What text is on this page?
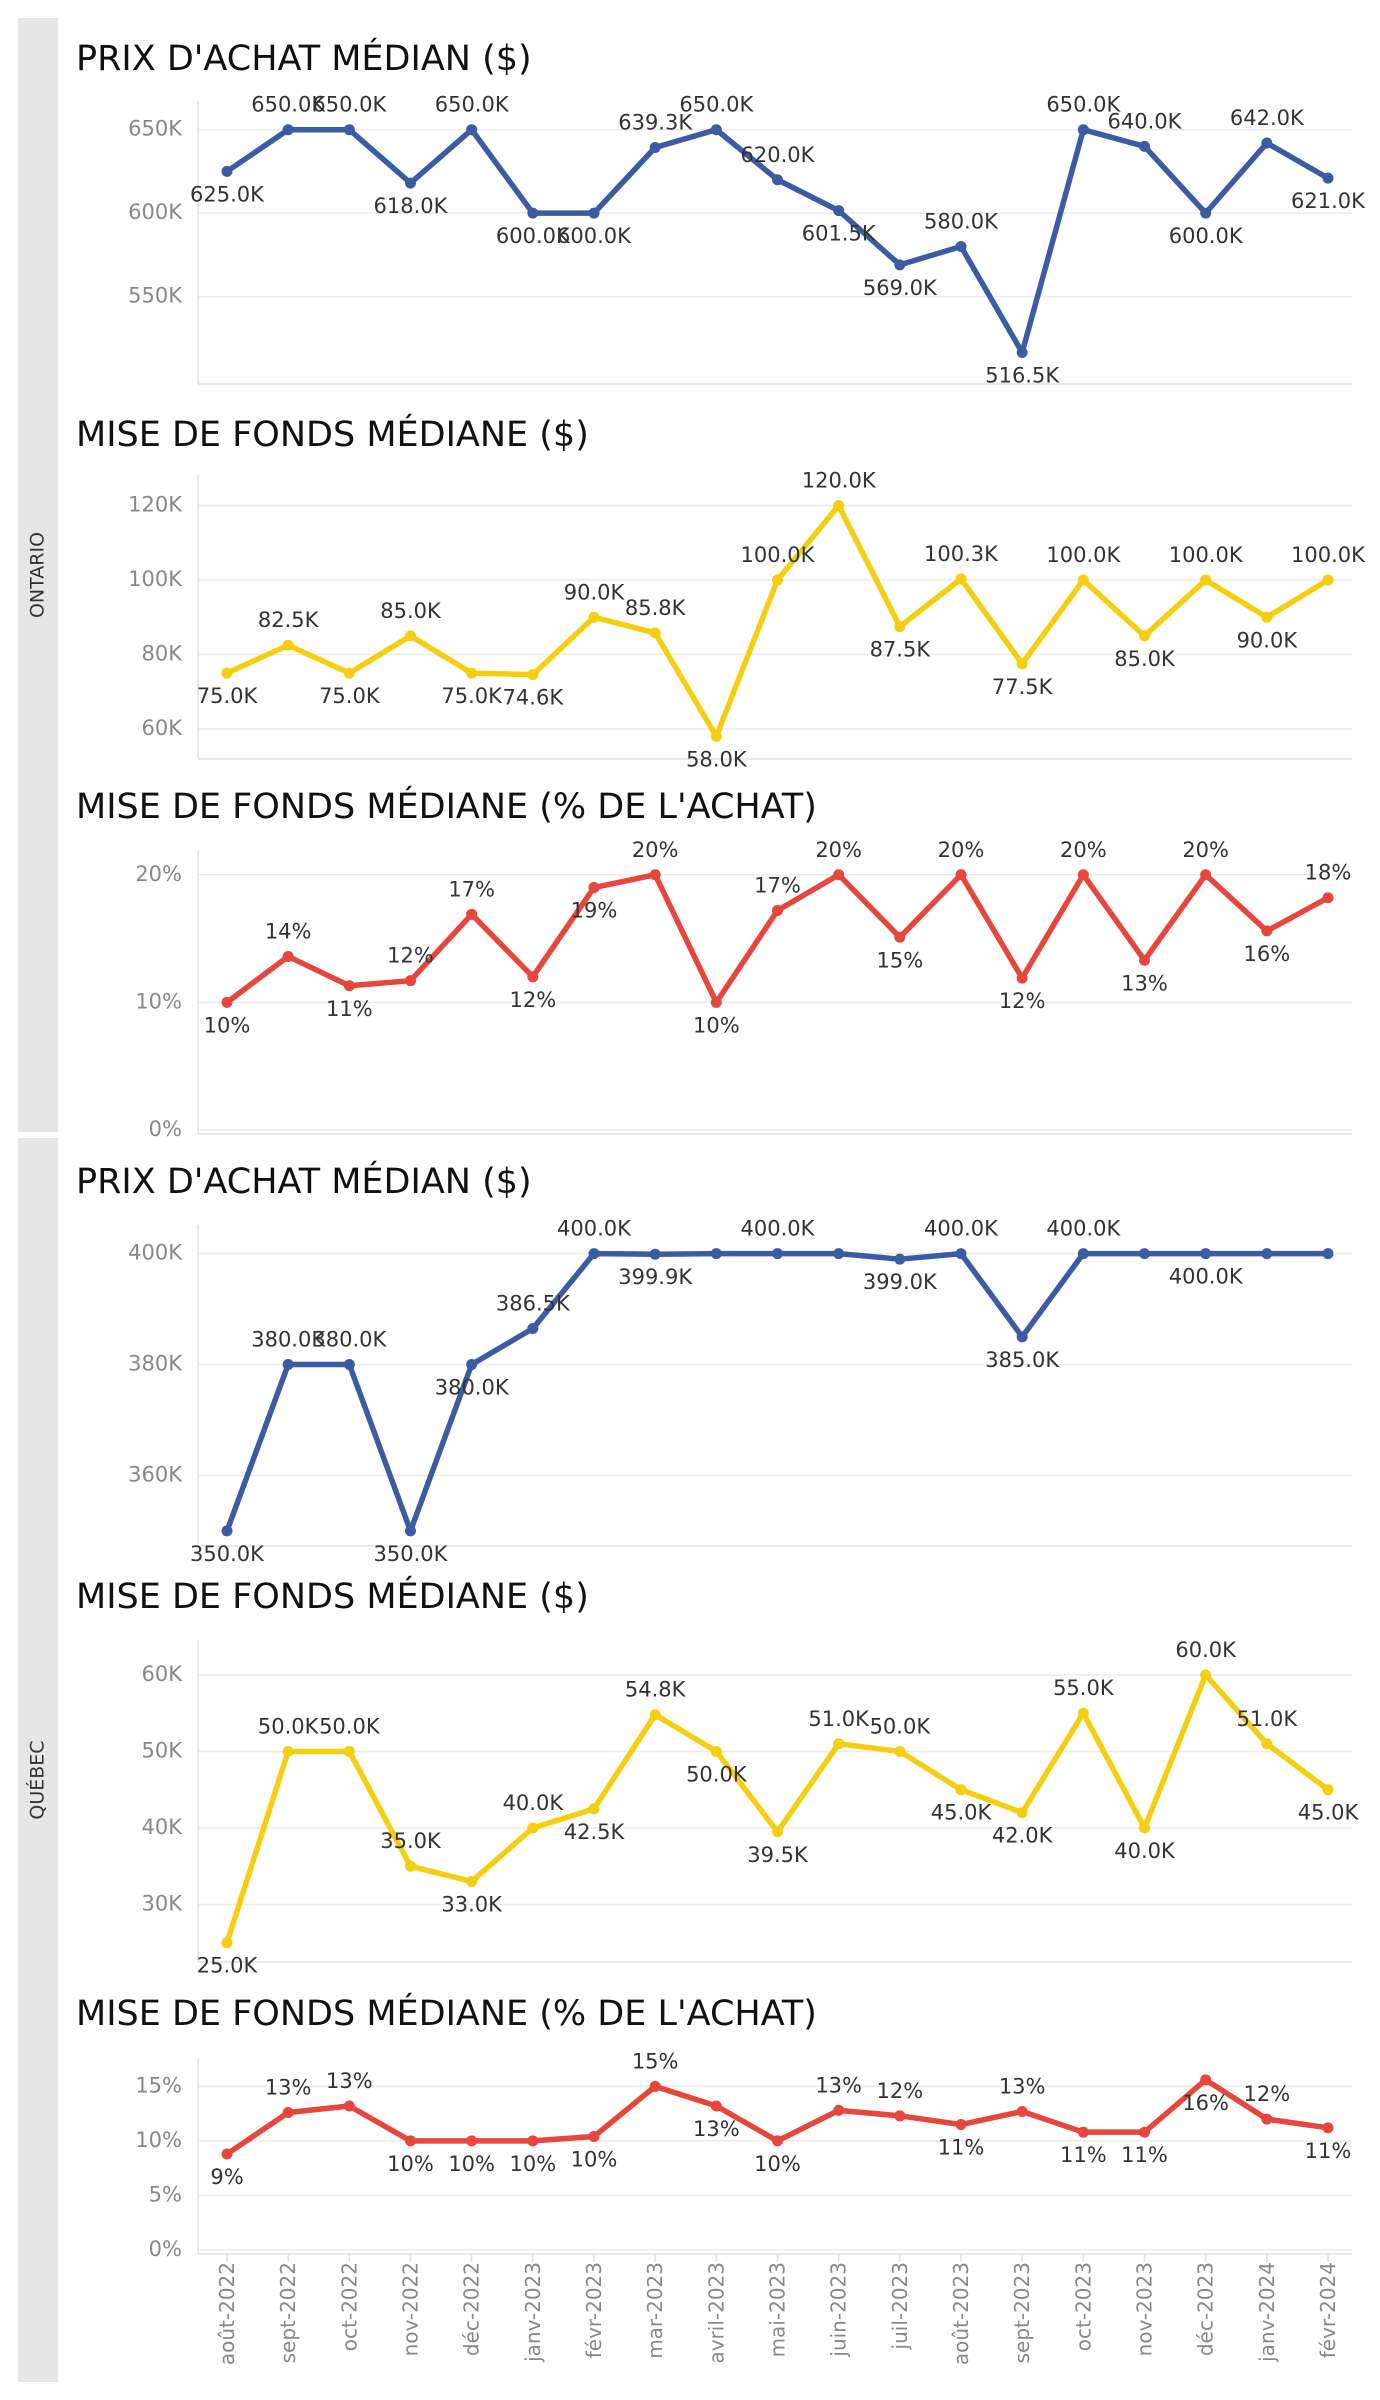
ONTARIO
QUÉBEC
PRIX D'ACHAT MÉDIAN ($)
550K
600K
650K
625.0K
650.0K
650.0K
618.0K
650.0K
600.0K
600.0K
639.3K
650.0K
620.0K
601.5K
569.0K
580.0K
516.5K
650.0K
640.0K
600.0K
642.0K
621.0K
MISE DE FONDS MÉDIANE ($)
60K
80K
100K
120K
75.0K
82.5K
75.0K
85.0K
75.0K 74.6K
90.0K
85.8K
58.0K
100.0K
120.0K
87.5K
100.3K
77.5K
100.0K
85.0K
100.0K
90.0K
100.0K
MISE DE FONDS MÉDIANE (% DE L'ACHAT)
0%
10%
20%
10%
14%
11%
12%
17%
12%
19%
20%
10%
17%
20%
15%
20%
12%
20%
13%
20%
16%
18%
PRIX D'ACHAT MÉDIAN ($)
360K
380K
400K
350.0K
380.0K
380.0K
350.0K
380.0K
386.5K
400.0K
399.9K
400.0K
399.0K
400.0K
385.0K
400.0K
400.0K
MISE DE FONDS MÉDIANE ($)
30K
40K
50K
60K
25.0K
50.0K 50.0K
35.0K
33.0K
40.0K
42.5K
54.8K
50.0K
39.5K
51.0K 50.0K
45.0K
42.0K
55.0K
40.0K
60.0K
51.0K
45.0K
MISE DE FONDS MÉDIANE (% DE L'ACHAT)
0%
5%
10%
15%
9%
13% 13%
10% 10% 10% 10%
15%
13%
10%
13% 12%
11%
13%
11% 11%
16% 12%
11%
août-2022 sept-2022 oct-2022 nov-2022 déc-2022 janv-2023 févr-2023 mar-2023 avril-2023 mai-2023 juin-2023 juil-2023 août-2023 sept-2023 oct-2023 nov-2023 déc-2023 janv-2024 févr-2024
